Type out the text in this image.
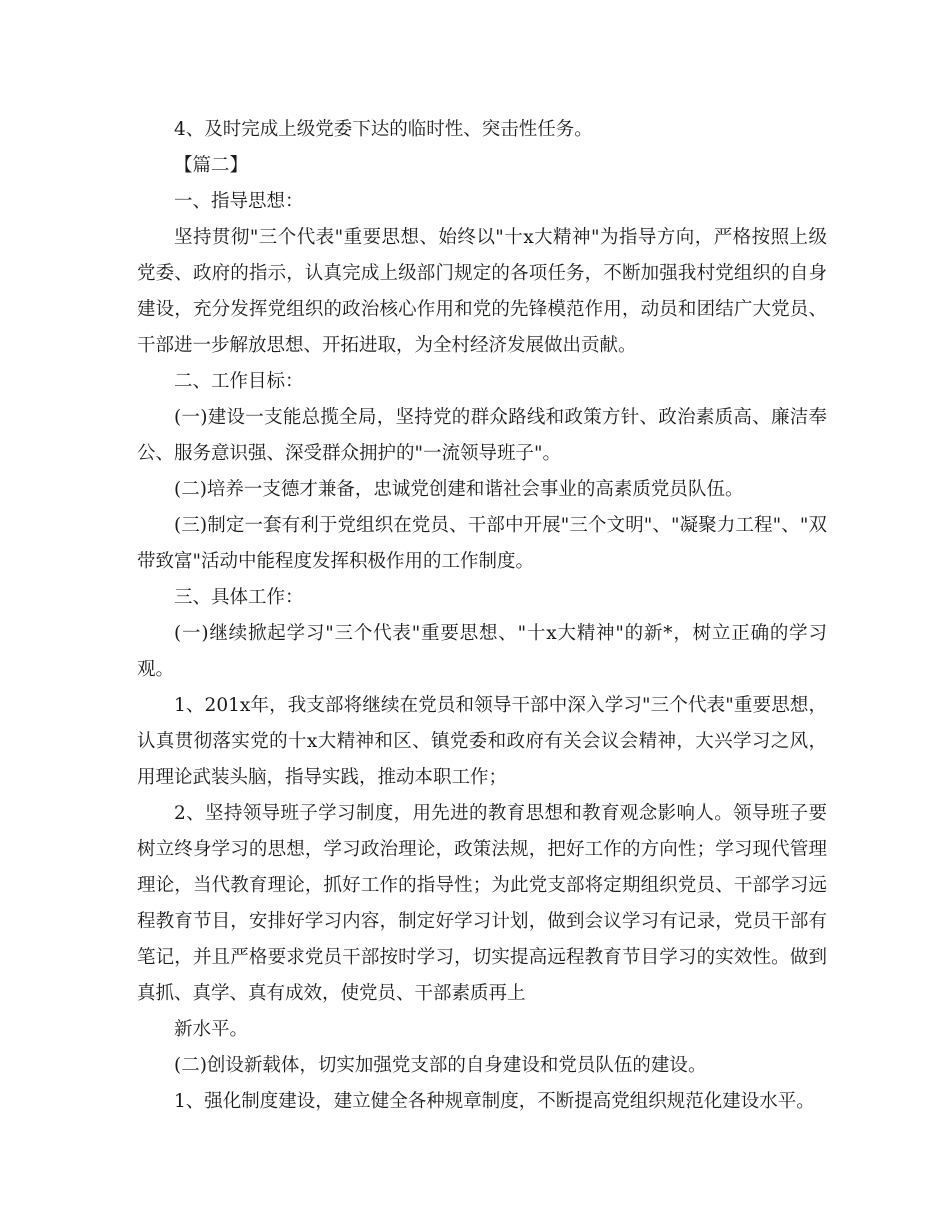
4、及时完成上级党委下达的临时性、突击性任务。

【篇二】

一、指导思想：

坚持贯彻"三个代表"重要思想、始终以"十x大精神"为指导方向，严格按照上级党委、政府的指示，认真完成上级部门规定的各项任务，不断加强我村党组织的自身建设，充分发挥党组织的政治核心作用和党的先锋模范作用，动员和团结广大党员、干部进一步解放思想、开拓进取，为全村经济发展做出贡献。

二、工作目标：

(一)建设一支能总揽全局，坚持党的群众路线和政策方针、政治素质高、廉洁奉公、服务意识强、深受群众拥护的"一流领导班子"。

(二)培养一支德才兼备，忠诚党创建和谐社会事业的高素质党员队伍。

(三)制定一套有利于党组织在党员、干部中开展"三个文明"、"凝聚力工程"、"双带致富"活动中能程度发挥积极作用的工作制度。

三、具体工作：

(一)继续掀起学习"三个代表"重要思想、"十x大精神"的新*，树立正确的学习观。

1、201x年，我支部将继续在党员和领导干部中深入学习"三个代表"重要思想，认真贯彻落实党的十x大精神和区、镇党委和政府有关会议会精神，大兴学习之风，用理论武装头脑，指导实践，推动本职工作；

2、坚持领导班子学习制度，用先进的教育思想和教育观念影响人。领导班子要树立终身学习的思想，学习政治理论，政策法规，把好工作的方向性；学习现代管理理论，当代教育理论，抓好工作的指导性；为此党支部将定期组织党员、干部学习远程教育节目，安排好学习内容，制定好学习计划，做到会议学习有记录，党员干部有笔记，并且严格要求党员干部按时学习，切实提高远程教育节目学习的实效性。做到真抓、真学、真有成效，使党员、干部素质再上

新水平。

(二)创设新载体，切实加强党支部的自身建设和党员队伍的建设。

1、强化制度建设，建立健全各种规章制度，不断提高党组织规范化建设水平。
